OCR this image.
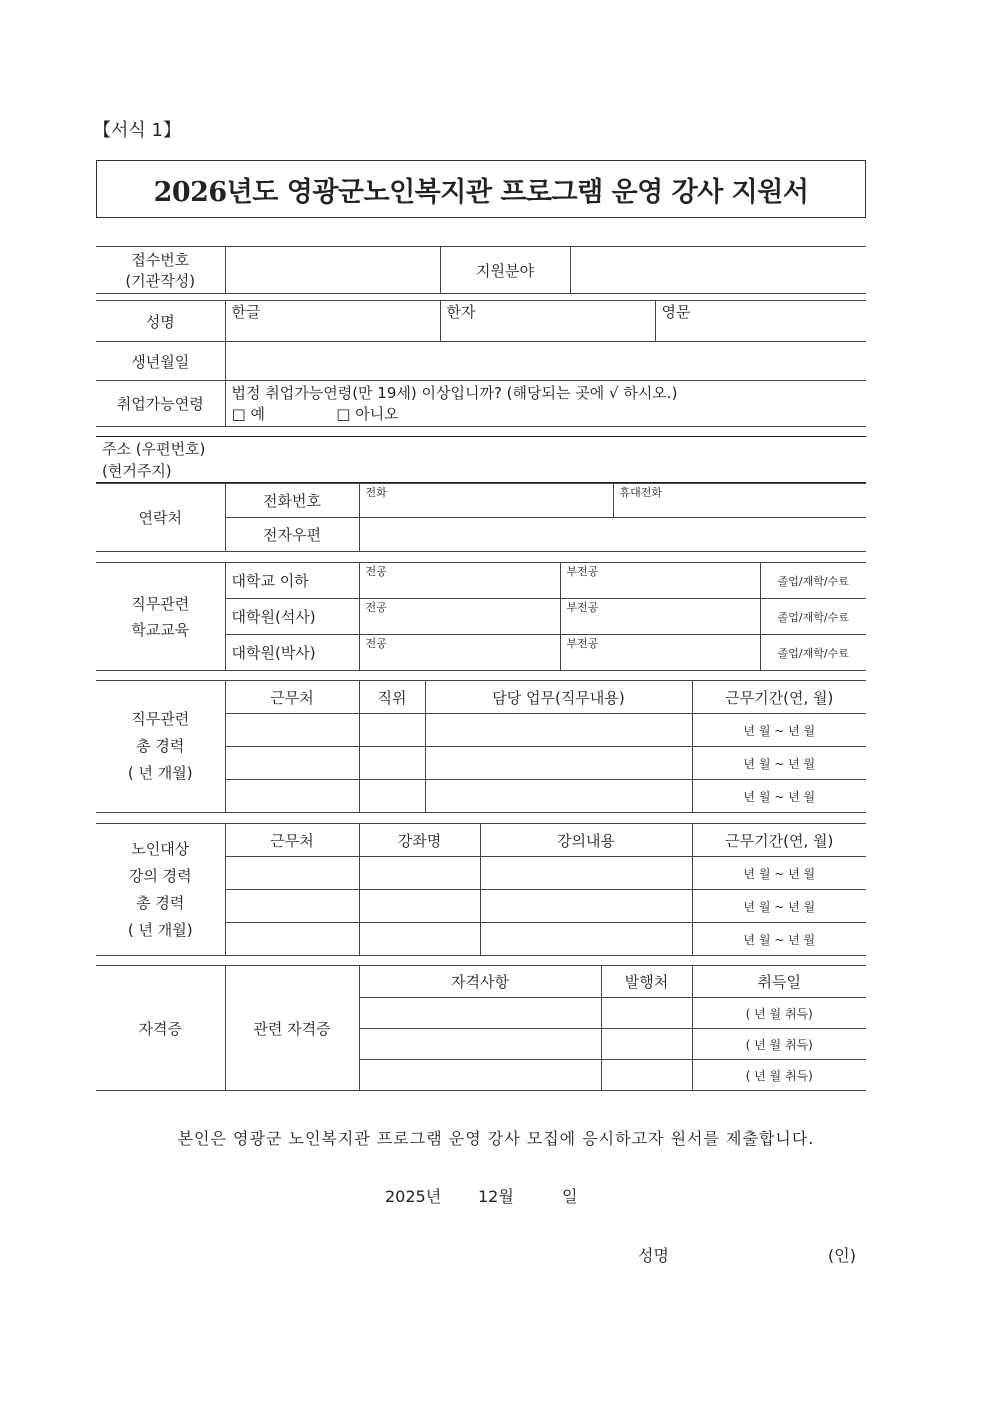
【서식 1】
2026년도 영광군노인복지관 프로그램 운영 강사 지원서
접수번호
(기관작성)		지원분야		

성명	한글	한자		영문
생년월일				
취업가능연령	법정 취업가능연령(만 19세) 이상입니까? (해당되는 곳에 √ 하시오.)
□ 예 □ 아니오			
주소 (우편번호)
(현거주지)
연락처	전화번호	전화	휴대전화
	전자우편		
직무관련
학교교육	대학교 이하	전공	부전공	졸업/재학/수료
	대학원(석사)	전공	부전공	졸업/재학/수료
	대학원(박사)	전공	부전공	졸업/재학/수료
직무관련
총 경력
( 년 개월)	근무처	직위	담당 업무(직무내용)	근무기간(연, 월)
				년 월 ~ 년 월
				년 월 ~ 년 월
				년 월 ~ 년 월
노인대상
강의 경력
총 경력
( 년 개월)	근무처	강좌명	강의내용	근무기간(연, 월)
				년 월 ~ 년 월
				년 월 ~ 년 월
				년 월 ~ 년 월
자격증	관련 자격증	자격사항	발행처	취득일
				( 년 월 취득)
				( 년 월 취득)
				( 년 월 취득)
본인은 영광군 노인복지관 프로그램 운영 강사 모집에 응시하고자 원서를 제출합니다.
2025년 12월	일
성명	(인)
